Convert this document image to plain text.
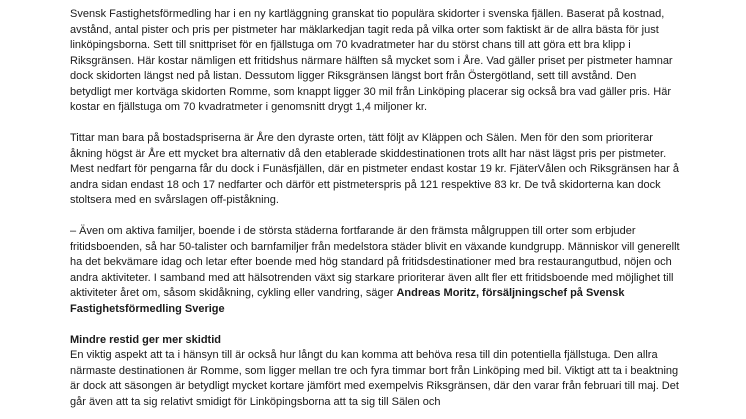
Svensk Fastighetsförmedling har i en ny kartläggning granskat tio populära skidorter i svenska fjällen. Baserat på kostnad, avstånd, antal pister och pris per pistmeter har mäklarkedjan tagit reda på vilka orter som faktiskt är de allra bästa för just linköpingsborna. Sett till snittpriset för en fjällstuga om 70 kvadratmeter har du störst chans till att göra ett bra klipp i Riksgränsen. Här kostar nämligen ett fritidshus närmare hälften så mycket som i Åre. Vad gäller priset per pistmeter hamnar dock skidorten längst ned på listan. Dessutom ligger Riksgränsen längst bort från Östergötland, sett till avstånd. Den betydligt mer kortväga skidorten Romme, som knappt ligger 30 mil från Linköping placerar sig också bra vad gäller pris. Här kostar en fjällstuga om 70 kvadratmeter i genomsnitt drygt 1,4 miljoner kr.

Tittar man bara på bostadspriserna är Åre den dyraste orten, tätt följt av Kläppen och Sälen. Men för den som prioriterar åkning högst är Åre ett mycket bra alternativ då den etablerade skiddestinationen trots allt har näst lägst pris per pistmeter. Mest nedfart för pengarna får du dock i Funäsfjällen, där en pistmeter endast kostar 19 kr. FjäterVålen och Riksgränsen har å andra sidan endast 18 och 17 nedfarter och därför ett pistmeterspris på 121 respektive 83 kr. De två skidorterna kan dock stoltsera med en svårslagen off-piståkning.

– Även om aktiva familjer, boende i de största städerna fortfarande är den främsta målgruppen till orter som erbjuder fritidsboenden, så har 50-talister och barnfamiljer från medelstora städer blivit en växande kundgrupp. Människor vill generellt ha det bekvämare idag och letar efter boende med hög standard på fritidsdestinationer med bra restaurangutbud, nöjen och andra aktiviteter. I samband med att hälsotrenden växt sig starkare prioriterar även allt fler ett fritidsboende med möjlighet till aktiviteter året om, såsom skidåkning, cykling eller vandring, säger Andreas Moritz, försäljningschef på Svensk Fastighetsförmedling Sverige

Mindre restid ger mer skidtid

En viktig aspekt att ta i hänsyn till är också hur långt du kan komma att behöva resa till din potentiella fjällstuga. Den allra närmaste destinationen är Romme, som ligger mellan tre och fyra timmar bort från Linköping med bil. Viktigt att ta i beaktning är dock att säsongen är betydligt mycket kortare jämfört med exempelvis Riksgränsen, där den varar från februari till maj. Det går även att ta sig relativt smidigt för Linköpingsborna att ta sig till Sälen och
